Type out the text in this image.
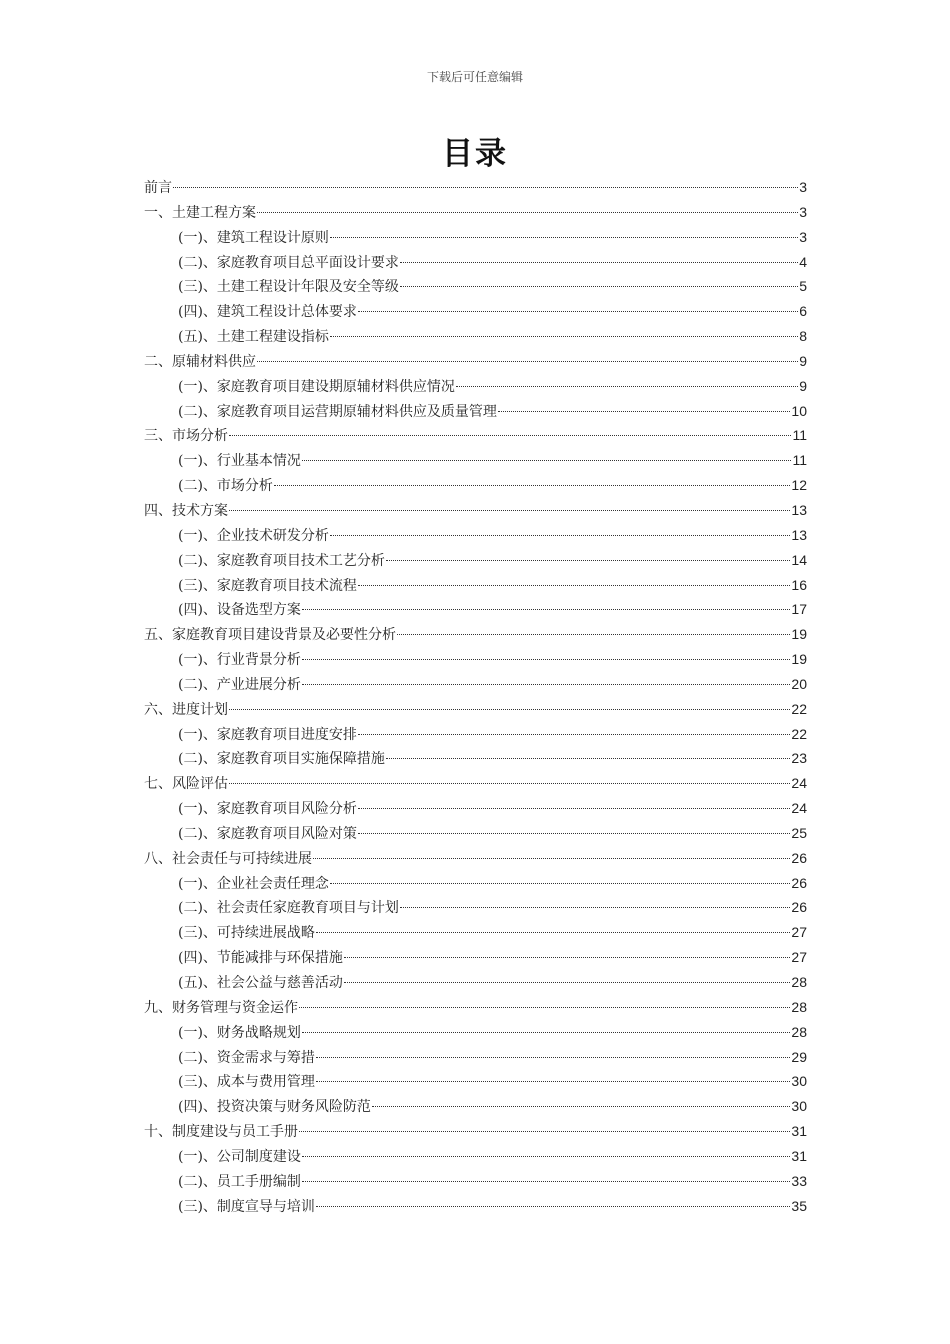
下载后可任意编辑
目录
前言	3
一、土建工程方案	3
(一)、建筑工程设计原则	3
(二)、家庭教育项目总平面设计要求	4
(三)、土建工程设计年限及安全等级	5
(四)、建筑工程设计总体要求	6
(五)、土建工程建设指标	8
二、原辅材料供应	9
(一)、家庭教育项目建设期原辅材料供应情况	9
(二)、家庭教育项目运营期原辅材料供应及质量管理	10
三、市场分析	11
(一)、行业基本情况	11
(二)、市场分析	12
四、技术方案	13
(一)、企业技术研发分析	13
(二)、家庭教育项目技术工艺分析	14
(三)、家庭教育项目技术流程	16
(四)、设备选型方案	17
五、家庭教育项目建设背景及必要性分析	19
(一)、行业背景分析	19
(二)、产业进展分析	20
六、进度计划	22
(一)、家庭教育项目进度安排	22
(二)、家庭教育项目实施保障措施	23
七、风险评估	24
(一)、家庭教育项目风险分析	24
(二)、家庭教育项目风险对策	25
八、社会责任与可持续进展	26
(一)、企业社会责任理念	26
(二)、社会责任家庭教育项目与计划	26
(三)、可持续进展战略	27
(四)、节能减排与环保措施	27
(五)、社会公益与慈善活动	28
九、财务管理与资金运作	28
(一)、财务战略规划	28
(二)、资金需求与筹措	29
(三)、成本与费用管理	30
(四)、投资决策与财务风险防范	30
十、制度建设与员工手册	31
(一)、公司制度建设	31
(二)、员工手册编制	33
(三)、制度宣导与培训	35
